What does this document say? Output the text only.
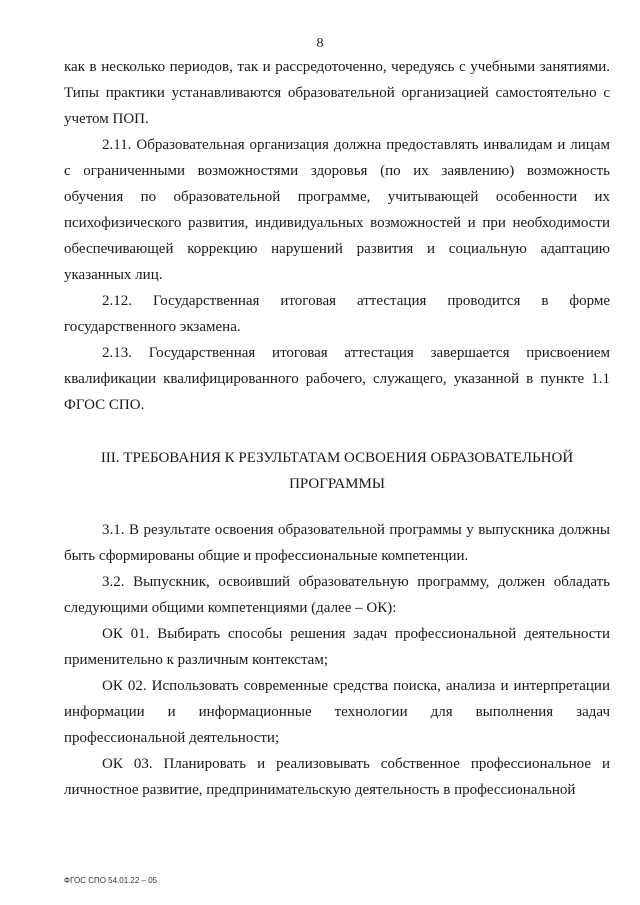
8

как в несколько периодов, так и рассредоточенно, чередуясь с учебными занятиями. Типы практики устанавливаются образовательной организацией самостоятельно с учетом ПОП.

2.11. Образовательная организация должна предоставлять инвалидам и лицам с ограниченными возможностями здоровья (по их заявлению) возможность обучения по образовательной программе, учитывающей особенности их психофизического развития, индивидуальных возможностей и при необходимости обеспечивающей коррекцию нарушений развития и социальную адаптацию указанных лиц.

2.12. Государственная итоговая аттестация проводится в форме государственного экзамена.

2.13. Государственная итоговая аттестация завершается присвоением квалификации квалифицированного рабочего, служащего, указанной в пункте 1.1 ФГОС СПО.

III. ТРЕБОВАНИЯ К РЕЗУЛЬТАТАМ ОСВОЕНИЯ ОБРАЗОВАТЕЛЬНОЙ
ПРОГРАММЫ

3.1. В результате освоения образовательной программы у выпускника должны быть сформированы общие и профессиональные компетенции.

3.2. Выпускник, освоивший образовательную программу, должен обладать следующими общими компетенциями (далее – ОК):

ОК 01. Выбирать способы решения задач профессиональной деятельности применительно к различным контекстам;

ОК 02. Использовать современные средства поиска, анализа и интерпретации информации и информационные технологии для выполнения задач профессиональной деятельности;

ОК 03. Планировать и реализовывать собственное профессиональное и личностное развитие, предпринимательскую деятельность в профессиональной

ФГОС СПО 54.01.22 – 05
